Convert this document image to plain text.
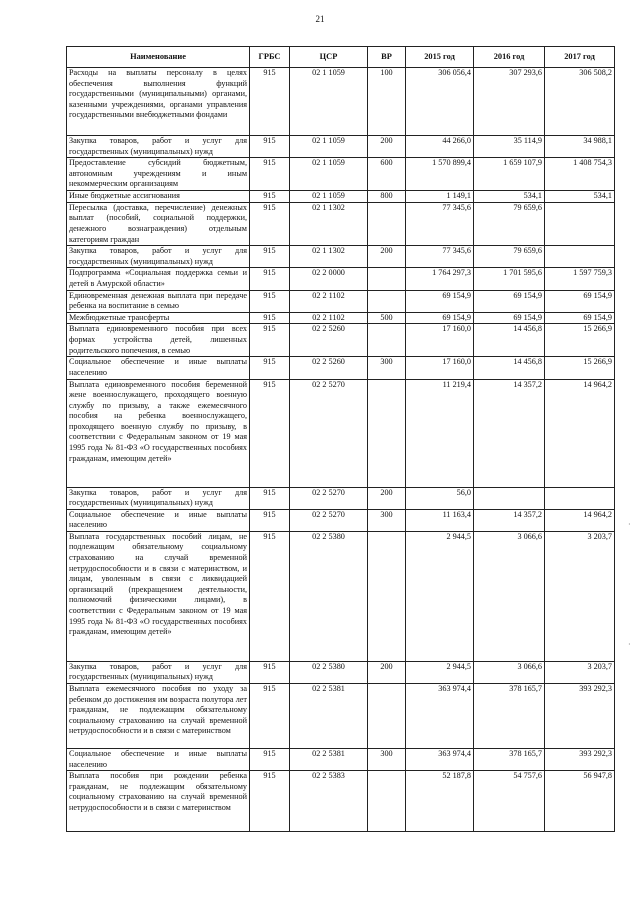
21
Наименование	ГРБС	ЦСР	ВР	2015 год	2016 год	2017 год
Расходы на выплаты персоналу в целях обеспечения выполнения функций государственными (муниципальными) органами, казенными учреждениями, органами управления государственными внебюджетными фондами	915	02 1 1059	100	306 056,4	307 293,6	306 508,2
Закупка товаров, работ и услуг для государственных (муниципальных) нужд	915	02 1 1059	200	44 266,0	35 114,9	34 988,1
Предоставление субсидий бюджетным, автономным учреждениям и иным некоммерческим организациям	915	02 1 1059	600	1 570 899,4	1 659 107,9	1 408 754,3
Иные бюджетные ассигнования	915	02 1 1059	800	1 149,1	534,1	534,1
Пересылка (доставка, перечисление) денежных выплат (пособий, социальной поддержки, денежного вознаграждения) отдельным категориям граждан	915	02 1 1302		77 345,6	79 659,6	
Закупка товаров, работ и услуг для государственных (муниципальных) нужд	915	02 1 1302	200	77 345,6	79 659,6	
Подпрограмма «Социальная поддержка семьи и детей в Амурской области»	915	02 2 0000		1 764 297,3	1 701 595,6	1 597 759,3
Единовременная денежная выплата при передаче ребенка на воспитание в семью	915	02 2 1102		69 154,9	69 154,9	69 154,9
Межбюджетные трансферты	915	02 2 1102	500	69 154,9	69 154,9	69 154,9
Выплата единовременного пособия при всех формах устройства детей, лишенных родительского попечения, в семью	915	02 2 5260		17 160,0	14 456,8	15 266,9
Социальное обеспечение и иные выплаты населению	915	02 2 5260	300	17 160,0	14 456,8	15 266,9
Выплата единовременного пособия беременной жене военнослужащего, проходящего военную службу по призыву, а также ежемесячного пособия на ребенка военнослужащего, проходящего военную службу по призыву, в соответствии с Федеральным законом от 19 мая 1995 года № 81-ФЗ «О государственных пособиях гражданам, имеющим детей»	915	02 2 5270		11 219,4	14 357,2	14 964,2
Закупка товаров, работ и услуг для государственных (муниципальных) нужд	915	02 2 5270	200	56,0		
Социальное обеспечение и иные выплаты населению	915	02 2 5270	300	11 163,4	14 357,2	14 964,2
Выплата государственных пособий лицам, не подлежащим обязательному социальному страхованию на случай временной нетрудоспособности и в связи с материнством, и лицам, уволенным в связи с ликвидацией организаций (прекращением деятельности, полномочий физическими лицами), в соответствии с Федеральным законом от 19 мая 1995 года № 81-ФЗ «О государственных пособиях гражданам, имеющим детей»	915	02 2 5380		2 944,5	3 066,6	3 203,7
Закупка товаров, работ и услуг для государственных (муниципальных) нужд	915	02 2 5380	200	2 944,5	3 066,6	3 203,7
Выплата ежемесячного пособия по уходу за ребенком до достижения им возраста полутора лет гражданам, не подлежащим обязательному социальному страхованию на случай временной нетрудоспособности и в связи с материнством	915	02 2 5381		363 974,4	378 165,7	393 292,3
Социальное обеспечение и иные выплаты населению	915	02 2 5381	300	363 974,4	378 165,7	393 292,3
Выплата пособия при рождении ребенка гражданам, не подлежащим обязательному социальному страхованию на случай временной нетрудоспособности и в связи с материнством	915	02 2 5383		52 187,8	54 757,6	56 947,8
·
·
